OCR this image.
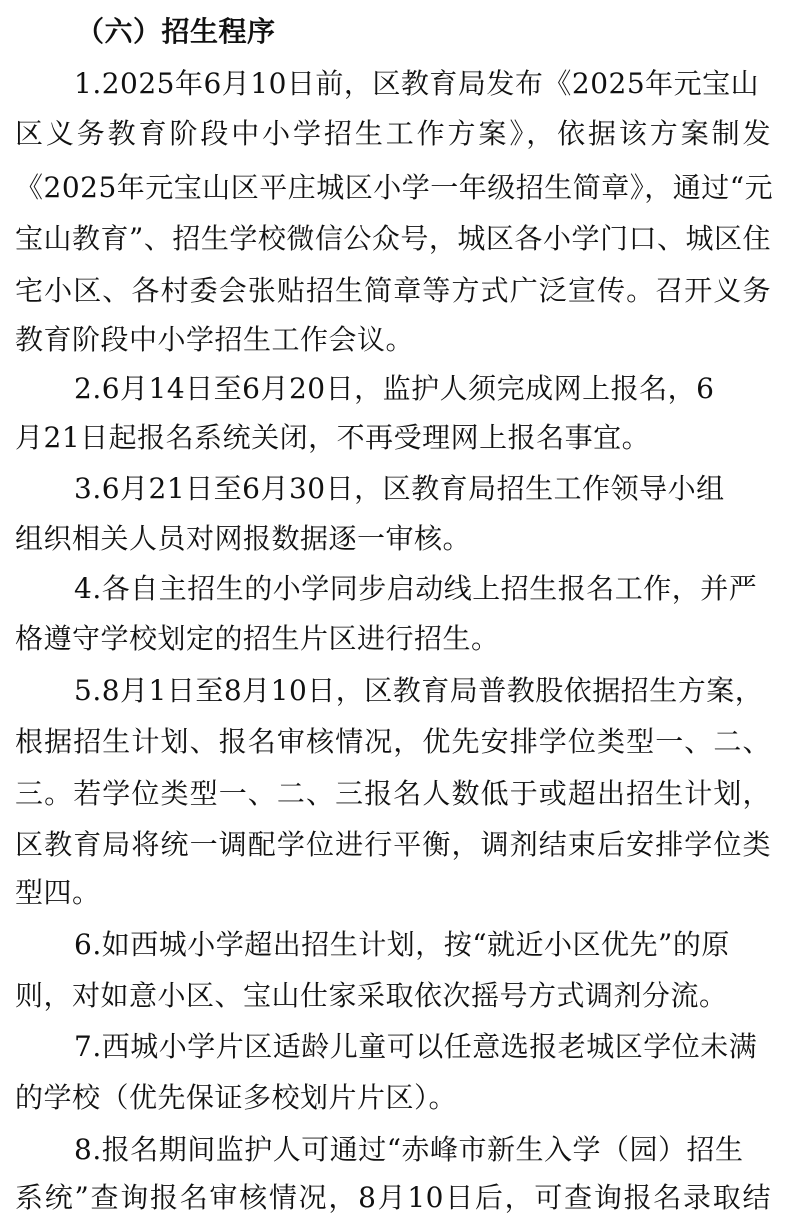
（六）招生程序
1.2025年6月10日前，区教育局发布《2025年元宝山
区义务教育阶段中小学招生工作方案》，依据该方案制发
《2025年元宝山区平庄城区小学一年级招生简章》，通过“元
宝山教育”、招生学校微信公众号，城区各小学门口、城区住
宅小区、各村委会张贴招生简章等方式广泛宣传。召开义务
教育阶段中小学招生工作会议。
2.6月14日至6月20日，监护人须完成网上报名，6
月21日起报名系统关闭，不再受理网上报名事宜。
3.6月21日至6月30日，区教育局招生工作领导小组
组织相关人员对网报数据逐一审核。
4.各自主招生的小学同步启动线上招生报名工作，并严
格遵守学校划定的招生片区进行招生。
5.8月1日至8月10日，区教育局普教股依据招生方案，
根据招生计划、报名审核情况，优先安排学位类型一、二、
三。若学位类型一、二、三报名人数低于或超出招生计划，
区教育局将统一调配学位进行平衡，调剂结束后安排学位类
型四。
6.如西城小学超出招生计划，按“就近小区优先”的原
则，对如意小区、宝山仕家采取依次摇号方式调剂分流。
7.西城小学片区适龄儿童可以任意选报老城区学位未满
的学校（优先保证多校划片片区）。
8.报名期间监护人可通过“赤峰市新生入学（园）招生
系统”查询报名审核情况，8月10日后，可查询报名录取结
